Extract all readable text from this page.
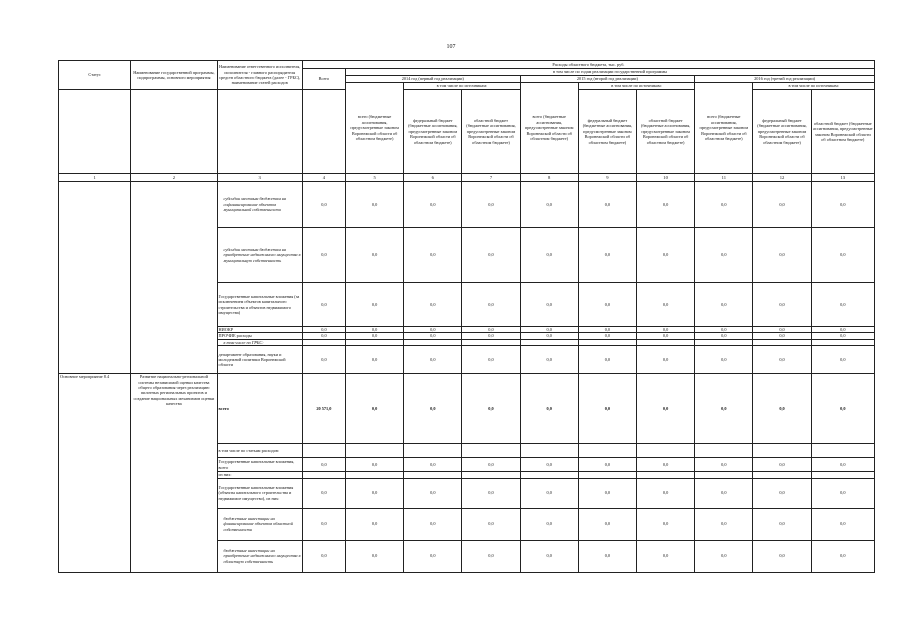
107
Статус	Наименование государственной программы, подпрограммы, основного мероприятия	Наименование ответственного исполнителя, исполнителя - главного распорядителя средств областного бюджета (далее - ГРБС), наименование статей расходов	Расходы областного бюджета, тыс. руб.									
			Всего	в том числе по годам реализации государственной программы								
				2014 год (первый год реализации)			2015 год (второй год реализации)			2016 год (третий год реализации)		
				всего (бюджетные ассигнования, предусмотренные законом Воронежской области об областном бюджете)	в том числе по источникам:		всего (бюджетные ассигнования, предусмотренные законом Воронежской области об областном бюджете)	в том числе по источникам:		всего (бюджетные ассигнования, предусмотренные законом Воронежской области об областном бюджете)	в том числе по источникам:	
					федеральный бюджет (бюджетные ассигнования, предусмотренные законом Воронежской области об областном бюджете)	областной бюджет (бюджетные ассигнования, предусмотренные законом Воронежской области об областном бюджете)		федеральный бюджет (бюджетные ассигнования, предусмотренные законом Воронежской области об областном бюджете)	областной бюджет (бюджетные ассигнования, предусмотренные законом Воронежской области об областном бюджете)		федеральный бюджет (бюджетные ассигнования, предусмотренные законом Воронежской области об областном бюджете)	областной бюджет (бюджетные ассигнования, предусмотренные законом Воронежской области об областном бюджете)
1	2	3	4	5	6	7	8	9	10	11	12	13
		субсидии местным бюджетам на софинансирование объектов муниципальной собственности	0,0	0,0	0,0	0,0	0,0	0,0	0,0	0,0	0,0	0,0
		субсидии местным бюджетам на приобретение недвижимого имущества в муниципальную собственность	0,0	0,0	0,0	0,0	0,0	0,0	0,0	0,0	0,0	0,0
		Государственные капитальные вложения (за исключением объектов капитального строительства и объектов недвижимого имущества)	0,0	0,0	0,0	0,0	0,0	0,0	0,0	0,0	0,0	0,0
		НИОКР	0,0	0,0	0,0	0,0	0,0	0,0	0,0	0,0	0,0	0,0
		ПРОЧИЕ расходы	0,0	0,0	0,0	0,0	0,0	0,0	0,0	0,0	0,0	0,0
		в том числе по ГРБС:										
		департамент образования, науки и молодежной политики Воронежской области	0,0	0,0	0,0	0,0	0,0	0,0	0,0	0,0	0,0	0,0
Основное мероприятие 8.4	Развитие национально-региональной системы независимой оценки качества общего образования через реализацию пилотных региональных проектов и создание национальных механизмов оценки качества	всего	20 571,0	0,0	0,0	0,0	0,0	0,0	0,0	0,0	0,0	0,0
		в том числе по статьям расходов:										
		Государственные капитальные вложения, всего	0,0	0,0	0,0	0,0	0,0	0,0	0,0	0,0	0,0	0,0
		из них:										
		Государственные капитальные вложения (объекты капитального строительства и недвижимое имущество), из них:	0,0	0,0	0,0	0,0	0,0	0,0	0,0	0,0	0,0	0,0
		бюджетные инвестиции на финансирование объектов областной собственности	0,0	0,0	0,0	0,0	0,0	0,0	0,0	0,0	0,0	0,0
		бюджетные инвестиции на приобретение недвижимого имущества в областную собственность	0,0	0,0	0,0	0,0	0,0	0,0	0,0	0,0	0,0	0,0
